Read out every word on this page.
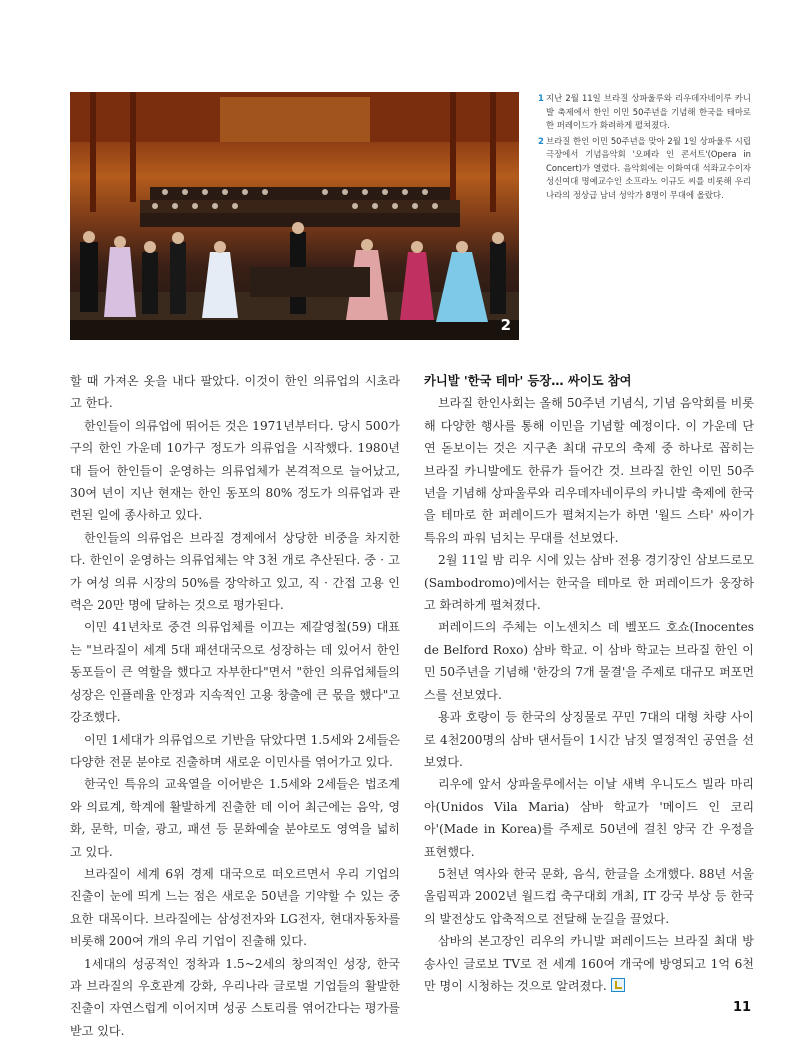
2
1 지난 2월 11일 브라질 상파울루와 리우데자네이루 카니발 축제에서 한인 이민 50주년을 기념해 한국을 테마로 한 퍼레이드가 화려하게 펼쳐졌다.
2 브라질 한인 이민 50주년을 맞아 2월 1일 상파울루 시립극장에서 기념음악회 '오페라 인 콘서트'(Opera in Concert)가 열렸다. 음악회에는 이화여대 석좌교수이자 성신여대 명예교수인 소프라노 이규도 씨를 비롯해 우리나라의 정상급 남녀 성악가 8명이 무대에 올랐다.

할 때 가져온 옷을 내다 팔았다. 이것이 한인 의류업의 시초라고 한다.

한인들이 의류업에 뛰어든 것은 1971년부터다. 당시 500가구의 한인 가운데 10가구 정도가 의류업을 시작했다. 1980년대 들어 한인들이 운영하는 의류업체가 본격적으로 늘어났고, 30여 년이 지난 현재는 한인 동포의 80% 정도가 의류업과 관련된 일에 종사하고 있다.

한인들의 의류업은 브라질 경제에서 상당한 비중을 차지한다. 한인이 운영하는 의류업체는 약 3천 개로 추산된다. 중 · 고가 여성 의류 시장의 50%를 장악하고 있고, 직 · 간접 고용 인력은 20만 명에 달하는 것으로 평가된다.

이민 41년차로 중견 의류업체를 이끄는 제갈영철(59) 대표는 "브라질이 세계 5대 패션대국으로 성장하는 데 있어서 한인 동포들이 큰 역할을 했다고 자부한다"면서 "한인 의류업체들의 성장은 인플레율 안정과 지속적인 고용 창출에 큰 몫을 했다"고 강조했다.

이민 1세대가 의류업으로 기반을 닦았다면 1.5세와 2세들은 다양한 전문 분야로 진출하며 새로운 이민사를 엮어가고 있다.

한국인 특유의 교육열을 이어받은 1.5세와 2세들은 법조계와 의료계, 학계에 활발하게 진출한 데 이어 최근에는 음악, 영화, 문학, 미술, 광고, 패션 등 문화예술 분야로도 영역을 넓히고 있다.

브라질이 세계 6위 경제 대국으로 떠오르면서 우리 기업의 진출이 눈에 띄게 느는 점은 새로운 50년을 기약할 수 있는 중요한 대목이다. 브라질에는 삼성전자와 LG전자, 현대자동차를 비롯해 200여 개의 우리 기업이 진출해 있다.

1세대의 성공적인 정착과 1.5~2세의 창의적인 성장, 한국과 브라질의 우호관계 강화, 우리나라 글로벌 기업들의 활발한 진출이 자연스럽게 이어지며 성공 스토리를 엮어간다는 평가를 받고 있다.

카니발 '한국 테마' 등장… 싸이도 참여

브라질 한인사회는 올해 50주년 기념식, 기념 음악회를 비롯해 다양한 행사를 통해 이민을 기념할 예정이다. 이 가운데 단연 돋보이는 것은 지구촌 최대 규모의 축제 중 하나로 꼽히는 브라질 카니발에도 한류가 들어간 것. 브라질 한인 이민 50주년을 기념해 상파울루와 리우데자네이루의 카니발 축제에 한국을 테마로 한 퍼레이드가 펼쳐지는가 하면 '월드 스타' 싸이가 특유의 파워 넘치는 무대를 선보였다.

2월 11일 밤 리우 시에 있는 삼바 전용 경기장인 삼보드로모(Sambodromo)에서는 한국을 테마로 한 퍼레이드가 웅장하고 화려하게 펼쳐졌다.

퍼레이드의 주체는 이노센치스 데 벨포드 호쇼(Inocentes de Belford Roxo) 삼바 학교. 이 삼바 학교는 브라질 한인 이민 50주년을 기념해 '한강의 7개 물결'을 주제로 대규모 퍼포먼스를 선보였다.

용과 호랑이 등 한국의 상징물로 꾸민 7대의 대형 차량 사이로 4천200명의 삼바 댄서들이 1시간 남짓 열정적인 공연을 선보였다.

리우에 앞서 상파울루에서는 이날 새벽 우니도스 빌라 마리아(Unidos Vila Maria) 삼바 학교가 '메이드 인 코리아'(Made in Korea)를 주제로 50년에 걸친 양국 간 우정을 표현했다.

5천년 역사와 한국 문화, 음식, 한글을 소개했다. 88년 서울올림픽과 2002년 월드컵 축구대회 개최, IT 강국 부상 등 한국의 발전상도 압축적으로 전달해 눈길을 끌었다.

삼바의 본고장인 리우의 카니발 퍼레이드는 브라질 최대 방송사인 글로보 TV로 전 세계 160여 개국에 방영되고 1억 6천만 명이 시청하는 것으로 알려졌다.

11
